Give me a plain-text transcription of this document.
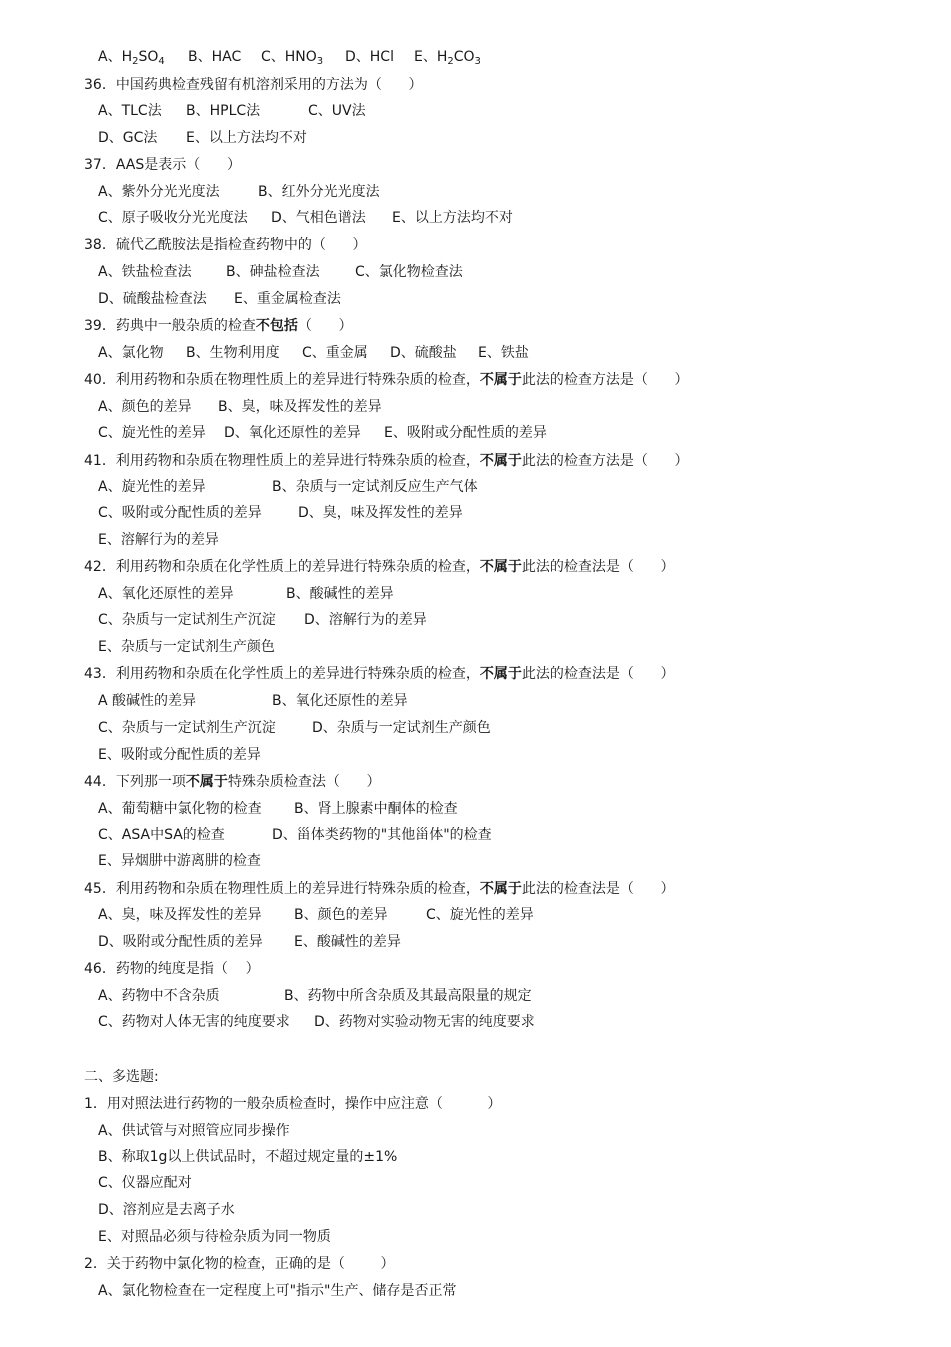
A、$H_2SO_4$

B、HAC

C、$HNO_3$

D、HCl

E、$H_2CO_3$

36．中国药典检查残留有机溶剂采用的方法为（      ）

A、TLC法

B、HPLC法

	C、UV法

D、GC法

E、以上方法均不对

37．AAS是表示（      ）

A、紫外分光光度法

	B、红外分光光度法

C、原子吸收分光光度法

D、气相色谱法

E、以上方法均不对

38．硫代乙酰胺法是指检查药物中的（      ）

A、铁盐检查法

B、砷盐检查法

	C、氯化物检查法

D、硫酸盐检查法

E、重金属检查法

39．药典中一般杂质的检查不包括（      ）

A、氯化物

B、生物利用度

C、重金属

D、硫酸盐

E、铁盐

40．利用药物和杂质在物理性质上的差异进行特殊杂质的检查，不属于此法的检查方法是（      ）

A、颜色的差异

B、臭，味及挥发性的差异

C、旋光性的差异

D、氧化还原性的差异

E、吸附或分配性质的差异

41．利用药物和杂质在物理性质上的差异进行特殊杂质的检查，不属于此法的检查方法是（      ）

A、旋光性的差异

	B、杂质与一定试剂反应生产气体

C、吸附或分配性质的差异

	D、臭，味及挥发性的差异

E、溶解行为的差异

42．利用药物和杂质在化学性质上的差异进行特殊杂质的检查，不属于此法的检查法是（      ）

A、氧化还原性的差异

	B、酸碱性的差异

C、杂质与一定试剂生产沉淀

D、溶解行为的差异

E、杂质与一定试剂生产颜色

43．利用药物和杂质在化学性质上的差异进行特殊杂质的检查，不属于此法的检查法是（      ）

A 酸碱性的差异

	B、氧化还原性的差异

C、杂质与一定试剂生产沉淀

	D、杂质与一定试剂生产颜色

E、吸附或分配性质的差异

44．下列那一项不属于特殊杂质检查法（      ）

A、葡萄糖中氯化物的检查

B、肾上腺素中酮体的检查

C、ASA中SA的检查

	D、甾体类药物的"其他甾体"的检查

E、异烟肼中游离肼的检查

45．利用药物和杂质在物理性质上的差异进行特殊杂质的检查，不属于此法的检查法是（      ）

A、臭，味及挥发性的差异

B、颜色的差异

	C、旋光性的差异

D、吸附或分配性质的差异

E、酸碱性的差异

46．药物的纯度是指（    ）

A、药物中不含杂质

	B、药物中所含杂质及其最高限量的规定

C、药物对人体无害的纯度要求

D、药物对实验动物无害的纯度要求

二、多选题:
1．用对照法进行药物的一般杂质检查时，操作中应注意（          ）
A、供试管与对照管应同步操作
B、称取1g以上供试品时，不超过规定量的±1%
C、仪器应配对
D、溶剂应是去离子水
E、对照品必须与待检杂质为同一物质
2．关于药物中氯化物的检查，正确的是（        ）
A、氯化物检查在一定程度上可"指示"生产、储存是否正常
